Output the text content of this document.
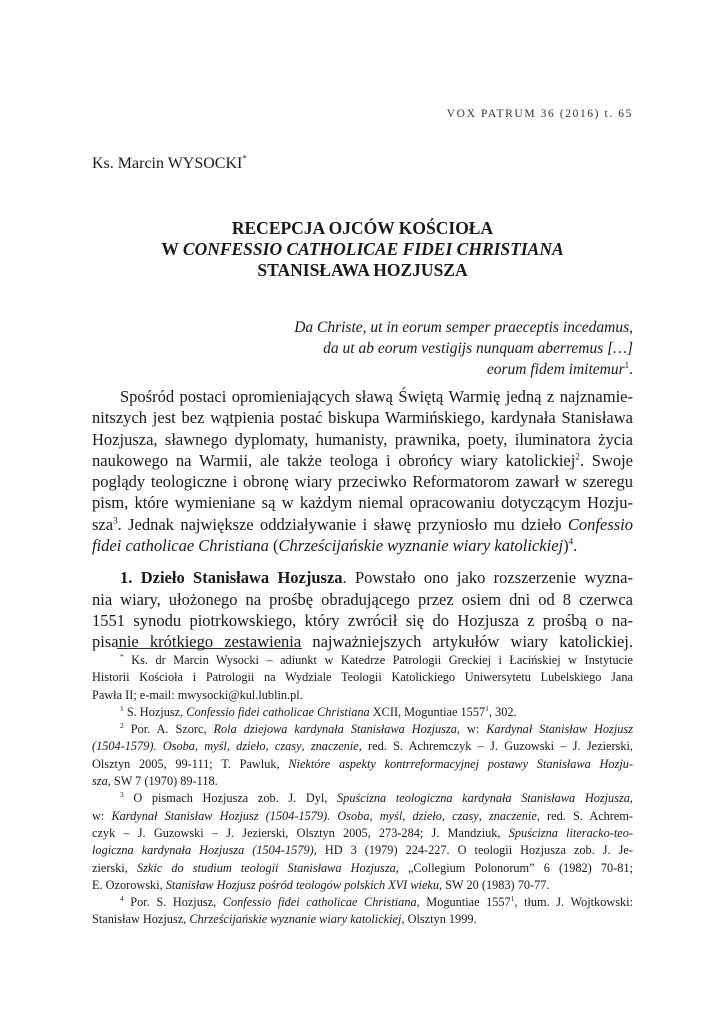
VOX PATRUM 36 (2016) t. 65
Ks. Marcin WYSOCKI*
RECEPCJA OJCÓW KOŚCIOŁA
W CONFESSIO CATHOLICAE FIDEI CHRISTIANA
STANISŁAWA HOZJUSZA
Da Christe, ut in eorum semper praeceptis incedamus,
da ut ab eorum vestigijs nunquam aberremus […]
eorum fidem imitemur$^1$.
Spośród postaci opromieniających sławą Świętą Warmię jedną z najznamie-
nitszych jest bez wątpienia postać biskupa Warmińskiego, kardynała Stanisława
Hozjusza, sławnego dyplomaty, humanisty, prawnika, poety, iluminatora życia
naukowego na Warmii, ale także teologa i obrońcy wiary katolickiej$^2$. Swoje
poglądy teologiczne i obronę wiary przeciwko Reformatorom zawarł w szeregu
pism, które wymieniane są w każdym niemal opracowaniu dotyczącym Hozju-
sza$^3$. Jednak największe oddziaływanie i sławę przyniosło mu dziełо Confessio
fidei catholicae Christiana (Chrześcijańskie wyznanie wiary katolickiej)$^4$.
1. Dzieło Stanisława Hozjusza. Powstało ono jako rozszerzenie wyzna-
nia wiary, ułożonego na prośbę obradującego przez osiem dni od 8 czerwca
1551 synodu piotrkowskiego, który zwrócił się do Hozjusza z prośbą o na-
pisanie krótkiego zestawienia najważniejszych artykułów wiary katolickiej.
* Ks. dr Marcin Wysocki – adiunkt w Katedrze Patrologii Greckiej i Łacińskiej w Instytucie
Historii Kościoła i Patrologii na Wydziale Teologii Katolickiego Uniwersytetu Lubelskiego Jana
Pawła II; e-mail: mwysocki@kul.lublin.pl.
$^1$ S. Hozjusz, Confessio fidei catholicae Christiana XCII, Moguntiae 1557$^1$, 302.
$^2$ Por. A. Szorc, Rola dziejowa kardynała Stanisława Hozjusza, w: Kardynał Stanisław Hozjusz
(1504-1579). Osoba, myśl, dzieło, czasy, znaczenie, red. S. Achremczyk – J. Guzowski – J. Jezierski,
Olsztyn 2005, 99-111; T. Pawluk, Niektóre aspekty kontrreformacyjnej postawy Stanisława Hozju-
sza, SW 7 (1970) 89-118.
$^3$ O pismach Hozjusza zob. J. Dyl, Spuścizna teologiczna kardynała Stanisława Hozjusza,
w: Kardynał Stanisław Hozjusz (1504-1579). Osoba, myśl, dzieło, czasy, znaczenie, red. S. Achrem-
czyk – J. Guzowski – J. Jezierski, Olsztyn 2005, 273-284; J. Mandziuk, Spuścizna literacko-teo-
logiczna kardynała Hozjusza (1504-1579), HD 3 (1979) 224-227. O teologii Hozjusza zob. J. Je-
zierski, Szkic do studium teologii Stanisława Hozjusza, „Collegium Polonorum” 6 (1982) 70-81;
E. Ozorowski, Stanisław Hozjusz pośród teologów polskich XVI wieku, SW 20 (1983) 70-77.
$^4$ Por. S. Hozjusz, Confessio fidei catholicae Christiana, Moguntiae 1557$^1$, tłum. J. Wojtkowski:
Stanisław Hozjusz, Chrześcijańskie wyznanie wiary katolickiej, Olsztyn 1999.
